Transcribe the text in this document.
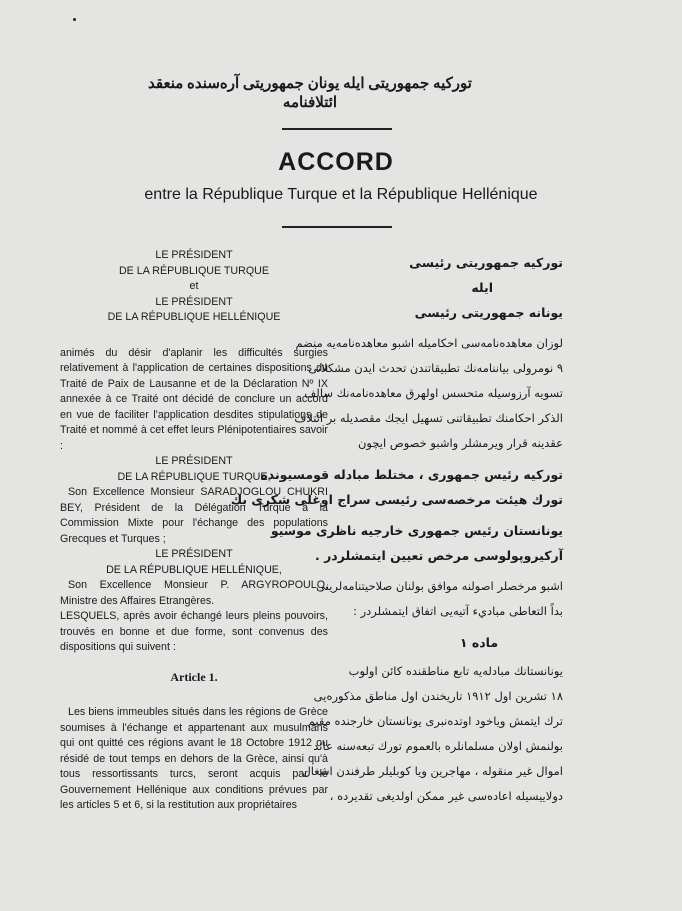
توركيه جمهوريتى ايله يونان جمهوريتى آره‌سنده منعقد ائتلافنامه
ACCORD
entre la République Turque et la République Hellénique
LE PRÉSIDENT
DE LA RÉPUBLIQUE TURQUE
et
LE PRÉSIDENT
DE LA RÉPUBLIQUE HELLÉNIQUE
animés du désir d'aplanir les difficultés surgies relativement à l'application de certaines dispositions du Traité de Paix de Lausanne et de la Déclaration Nº IX annexée à ce Traité ont décidé de conclure un accord en vue de faciliter l'application desdites stipulations de Traité et nommé à cet effet leurs Plénipotentiaires savoir :
LE PRÉSIDENT
DE LA RÉPUBLIQUE TURQUE,
Son Excellence Monsieur SARADJOGLOU CHUKRI BEY, Président de la Délégation Turque à la Commission Mixte pour l'échange des populations Grecques et Turques ;
LE PRÉSIDENT
DE LA RÉPUBLIQUE HELLÉNIQUE,
Son Excellence Monsieur P. ARGYROPOULO, Ministre des Affaires Etrangères.
LESQUELS, après avoir échangé leurs pleins pouvoirs, trouvés en bonne et due forme, sont convenus des dispositions qui suivent :
Article 1.
Les biens immeubles situés dans les régions de Grèce soumises à l'échange et appartenant aux musulmans qui ont quitté ces régions avant le 18 Octobre 1912 ou résidé de tout temps en dehors de la Grèce, ainsi qu'à tous ressortissants turcs, seront acquis par le Gouvernement Hellénique aux conditions prévues par les articles 5 et 6, si la restitution aux propriétaires
توركيه جمهوريتى رئيسى
ايله
يونانه جمهوريتى رئيسى
لوزان معاهده‌نامه‌سى احكاميله اشبو معاهده‌نامه‌يه منضم
۹ نومرولى بياننامه‌نك تطبيقاتندن تحدث ايدن مشكلاتى
تسويه آرزوسيله متحسس اولهرق معاهده‌نامه‌نك سالف
الذكر احكامنك تطبيقاتنى تسهيل ايجك مقصديله بر ائتلاف
عقدينه قرار ويرمشلر واشبو خصوص ايچون
توركيه رئيس جمهورى ، مختلط مبادله قومسيونده
تورك هيئت مرخصه‌سى رئيسى سراج اوغلى شكرى بك
يونانستان رئيس جمهورى خارجيه ناظرى موسيو
آركيروپولوسى مرخص تعيين ايتمشلردر .
اشبو مرخصلر اصولنه موافق بولنان صلاحيتنامه‌لرينى
بداً التعاطى مباديء آتيه‌يى اتفاق ايتمشلردر :
ماده ۱
يونانستانك مبادله‌يه تابع مناطقنده كائن اولوب
۱۸ تشرين اول ۱۹۱۲ تاريخندن اول مناطق مذكوره‌يى
ترك ايتمش وياخود اوتده‌نبرى يونانستان خارجنده مقيم
بولنمش اولان مسلمانلره بالعموم تورك تبعه‌سنه عائد
اموال غير منقوله ، مهاجرين ويا كوبليلر طرفندن اشغال
دولاييسيله اعاده‌سى غير ممكن اولديغى تقديرده ،
